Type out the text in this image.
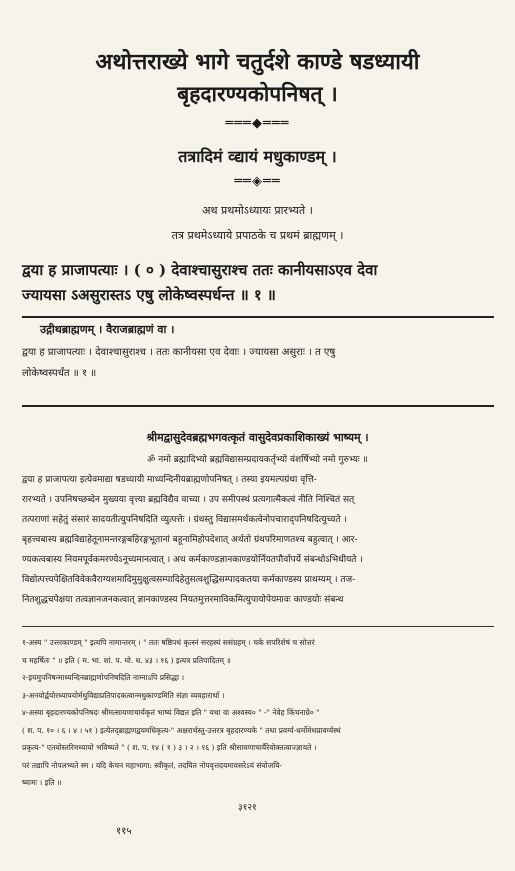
अथोत्तराख्ये भागे चतुर्दशे काण्डे षडध्यायी
बृहदारण्यकोपनिषत् ।
═══◆═══
तत्रादिमं व्द्यायं मधुकाण्डम् ।
══◈══
अथ प्रथमोऽध्यायः प्रारभ्यते ।
तत्र प्रथमेऽध्याये प्रपाठके च प्रथमं ब्राह्मणम् ।
द्वया ह प्राजापत्याः । ( ० ) देवाश्चासुराश्च ततः कानीयसाऽएव देवा
ज्यायसा ऽअसुरास्तऽ एषु लोकेष्वस्पर्धन्त ॥ १ ॥
उद्गीथब्राह्मणम् । वैराजब्राह्मणं वा ।
द्वया ह प्राजापत्याः । देवाश्चासुराश्च । ततः कानीयसा एव देवाः । ज्यायसा असुराः । त एषु
लोकेष्वस्पर्धंत ॥ १ ॥
श्रीमद्वासुदेवब्रह्मभगवत्कृतं वासुदेवप्रकाशिकाख्यं भाष्यम् ।
ॐ नमो ब्रह्मादिभ्यो ब्रह्मविद्यासम्प्रदायकर्तृभ्यो वंशर्षिभ्यो नमो गुरुभ्यः ॥

द्वया ह प्राजापत्या इत्येवमाद्या षडध्यायी माध्यन्दिनीयब्राह्मणोपनिषत् । तस्या इयमल्पग्रंथा वृत्ति-

रारभ्यते । उपनिषच्छब्देन मुख्यया वृत्त्या ब्रह्मविद्यैव वाच्या । उप समीपस्थं प्रत्यगात्मैकत्वं नीति निश्चितं सत्

तत्पराणां सहेतुं संसारं सादयतीत्युपनिषदिति व्युत्पत्तेः । ग्रंथस्तु विद्यासमर्थकत्वेनोपचाराद्पनिषदित्युच्यते ।

बृहत्त्वबास्य ब्रह्मविद्याहेतूनामन्तरङ्गबहिरङ्गभूतानां बहूनामिहोपदेशात् अर्थतो ग्रंथपरिमाणतश्च बहुत्वात् । आर-

ण्यकत्वबास्य नियमपूर्वकमरण्येऽनूच्यमानत्वात् । अथ कर्मकाण्डज्ञानकाण्डयोर्नियतपौर्वापर्ये संबन्धोऽभिधीयते ।

विद्योत्पत्त्यपेक्षितविवेकवैराग्यशमादिमुमुक्षुत्वसम्पादिहेतुसत्वशुद्धिसम्पादकतया कर्मकाण्डस्य प्राथम्यम् । तज-

नितशुद्धचपेक्षया तत्वज्ञानजनकत्वात् ज्ञानकाण्डस्य नियतमुत्तरमाविकमित्युपायोपेयमावः काण्डयोः संबन्ध

१-अस्य " उत्तरकाण्डम् " इत्यपि नामान्तरम् । " ततः षष्ठिपथं कृत्स्नं सरहस्यं ससंग्रहम् । चके सपरिशेषं च सोत्तरं

च महर्षितः " ॥ इति ( म. भा. शां. प. मो. ध. ४३ । १६ ) इत्यत्र प्रतिपादितम् ॥

२-इयमुपनिषन्माध्यन्दिनब्राह्मणोपनिषदिति नाम्नाऽपि प्रसिद्धा ।

३-अनयोर्द्वयोरध्याययोर्मधुविद्याप्रतिपादकत्वान्मधुकाण्डमिति संज्ञा व्यवहारार्था ।

४-अस्या बृहदारण्यकोपनिषदः श्रीमत्सायणाचार्यकृतं भाष्यं विद्यत इति " यथा वा अश्वस्य० " -" नेवेह किंचनाग्रे० "

( श. प. १० । ६ । ४ । ५१ ) इत्येतद्ब्राह्मणद्वयमधिकृत्य-" अक्षरार्थस्तु-उत्तरत्र बृहदारण्यके " तथा प्रवर्ग्य-धर्मोमेधप्रावर्ग्यस्थं

प्रकृत्य-" एतयोस्तरिमध्यायो भविष्यते " ( श. प. १४ ( १ ) ३ । २ । १६ ) इति श्रीसायणाचार्यैरेवोक्तत्वाज्ज्ञायते ।

परं तद्यापि नोपलभ्यते स्म । यदि केचन महाभागा: स्वीकृतं, तदयित नोपवृत्तदयमावसरेऽयं संयोजयि-

ष्यामः । इति ॥

३१२१
११५
